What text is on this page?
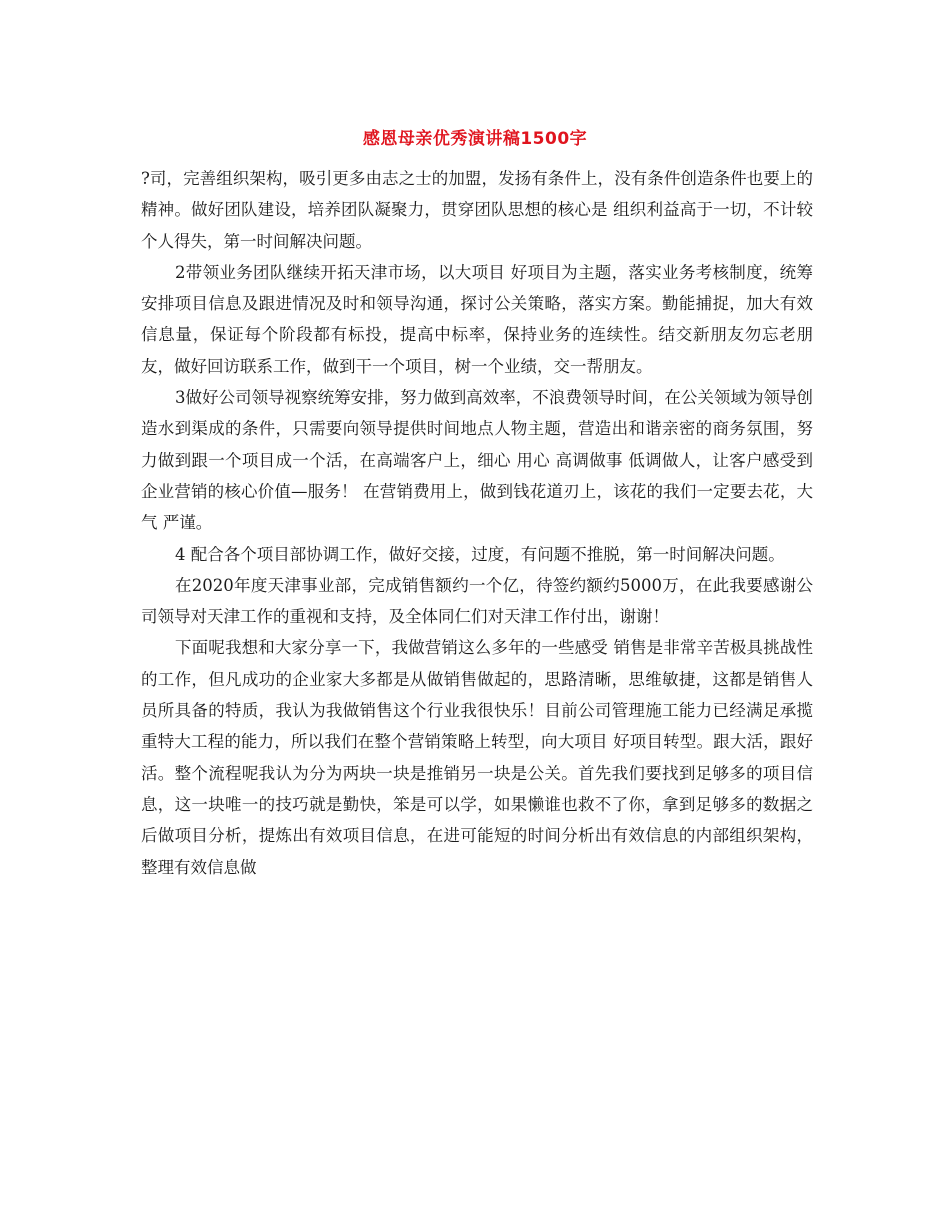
感恩母亲优秀演讲稿1500字

?司，完善组织架构，吸引更多由志之士的加盟，发扬有条件上，没有条件创造条件也要上的精神。做好团队建设，培养团队凝聚力，贯穿团队思想的核心是 组织利益高于一切，不计较个人得失，第一时间解决问题。

2带领业务团队继续开拓天津市场，以大项目 好项目为主题，落实业务考核制度，统筹安排项目信息及跟进情况及时和领导沟通，探讨公关策略，落实方案。勤能捕捉，加大有效信息量，保证每个阶段都有标投，提高中标率，保持业务的连续性。结交新朋友勿忘老朋友，做好回访联系工作，做到干一个项目，树一个业绩，交一帮朋友。

3做好公司领导视察统筹安排，努力做到高效率，不浪费领导时间，在公关领域为领导创造水到渠成的条件，只需要向领导提供时间地点人物主题，营造出和谐亲密的商务氛围，努力做到跟一个项目成一个活，在高端客户上，细心 用心 高调做事 低调做人，让客户感受到企业营销的核心价值—服务！ 在营销费用上，做到钱花道刃上，该花的我们一定要去花，大气 严谨。

4 配合各个项目部协调工作，做好交接，过度，有问题不推脱，第一时间解决问题。

在2020年度天津事业部，完成销售额约一个亿，待签约额约5000万，在此我要感谢公司领导对天津工作的重视和支持，及全体同仁们对天津工作付出，谢谢！

下面呢我想和大家分享一下，我做营销这么多年的一些感受 销售是非常辛苦极具挑战性的工作，但凡成功的企业家大多都是从做销售做起的，思路清晰，思维敏捷，这都是销售人员所具备的特质，我认为我做销售这个行业我很快乐！目前公司管理施工能力已经满足承揽重特大工程的能力，所以我们在整个营销策略上转型，向大项目 好项目转型。跟大活，跟好活。整个流程呢我认为分为两块一块是推销另一块是公关。首先我们要找到足够多的项目信息，这一块唯一的技巧就是勤快，笨是可以学，如果懒谁也救不了你，拿到足够多的数据之后做项目分析，提炼出有效项目信息，在进可能短的时间分析出有效信息的内部组织架构，整理有效信息做
